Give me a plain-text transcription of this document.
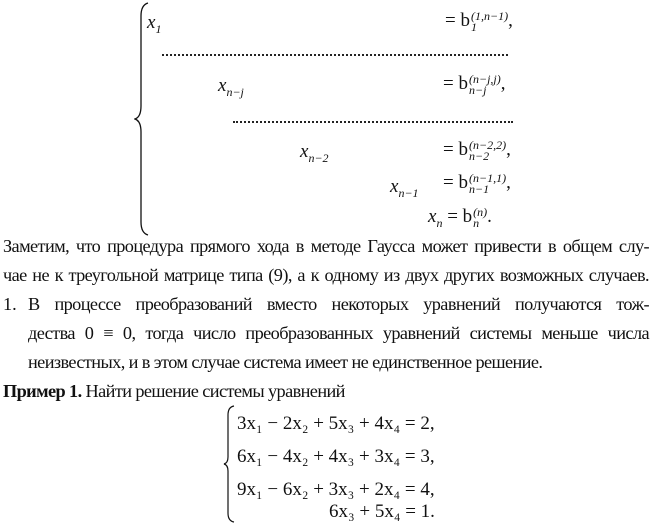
$x_1$	= b (1,n−1)
1	,
$x_{n-j}$	= b (n−j,j)
n−j ,
$x_{n-2}$	= b (n−2,2)
n−2 ,
$x_{n-1} = b$ (n−1,1)
n−1 ,
$x_n = b$ (n)
n .
Заметим, что процедура прямого хода в методе Гаусса может привести в общем слу-
чае не к треугольной матрице типа (9), а к одному из двух других возможных случаев.
1. В процессе преобразований вместо некоторых уравнений получаются тож-
дества 0 ≡ 0, тогда число преобразованных уравнений системы меньше числа
неизвестных, и в этом случае система имеет не единственное решение.
Пример 1. Найти решение системы уравнений
3x₁ − 2x₂ + 5x₃ + 4x₄ = 2,
6x₁ − 4x₂ + 4x₃ + 3x₄ = 3,
9x₁ − 6x₂ + 3x₃ + 2x₄ = 4,
6x₃ + 5x₄ = 1.
